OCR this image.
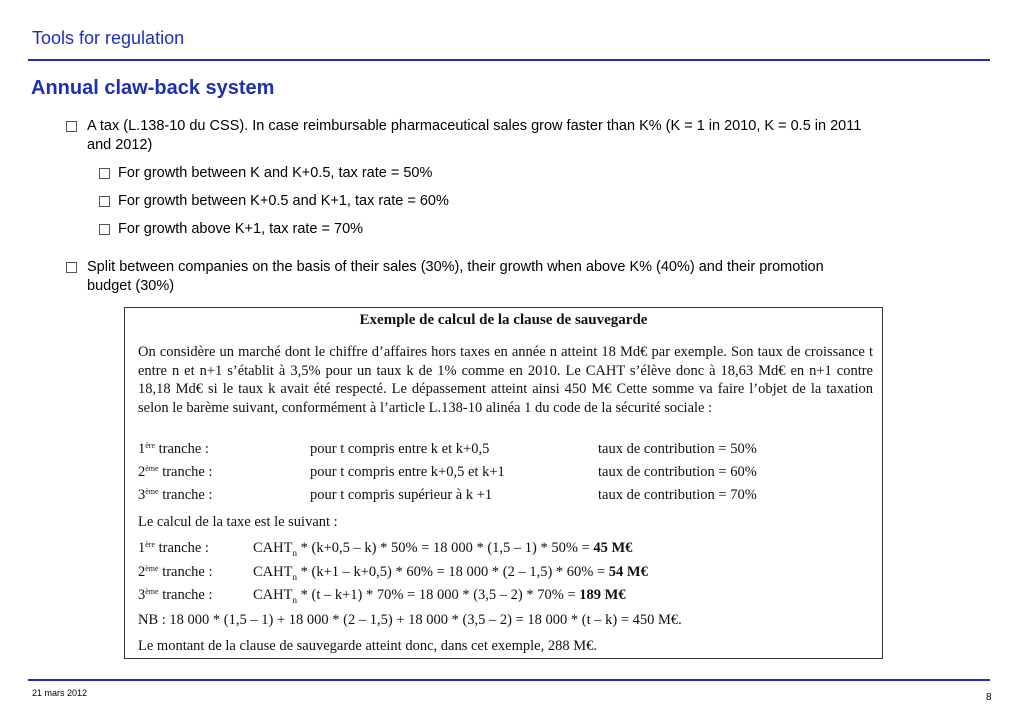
Tools for regulation
Annual claw-back system
A tax (L.138-10 du CSS). In case reimbursable pharmaceutical sales grow faster than K% (K = 1 in 2010, K = 0.5 in 2011
and 2012)
For growth between K and K+0.5, tax rate = 50%
For growth between K+0.5 and K+1, tax rate = 60%
For growth above K+1, tax rate = 70%
Split between companies on the basis of their sales (30%), their growth when above K% (40%) and their promotion
budget (30%)
Exemple de calcul de la clause de sauvegarde
On considère un marché dont le chiffre d’affaires hors taxes en année n atteint 18 Md€ par exemple. Son taux de croissance t entre n et n+1 s’établit à 3,5% pour un taux k de 1% comme en 2010. Le CAHT s’élève donc à 18,63 Md€ en n+1 contre 18,18 Md€ si le taux k avait été respecté. Le dépassement atteint ainsi 450 M€ Cette somme va faire l’objet de la taxation selon le barème suivant, conformément à l’article L.138-10 alinéa 1 du code de la sécurité sociale :
1ère tranche :	pour t compris entre k et k+0,5	taux de contribution = 50%
2ème tranche :	pour t compris entre k+0,5 et k+1	taux de contribution = 60%
3ème tranche :	pour t compris supérieur à k +1	taux de contribution = 70%
Le calcul de la taxe est le suivant :
1ère tranche :	$CAHT_n * (k+0,5 - k) * 50\% = 18$ 000 * (1,5 – 1) * 50% = 45 M€
2ème tranche :	$CAHT_n * (k+1 - k+0,5) * 60\% = 18$ 000 * (2 – 1,5) * 60% = 54 M€
3ème tranche :	$CAHT_n * (t - k+1) * 70\% = 18$ 000 * (3,5 – 2) * 70% = 189 M€
NB : 18 000 * (1,5 – 1) + 18 000 * (2 – 1,5) + 18 000 * (3,5 – 2) = 18 000 * (t – k) = 450 M€.
Le montant de la clause de sauvegarde atteint donc, dans cet exemple, 288 M€.
21 mars 2012	8
